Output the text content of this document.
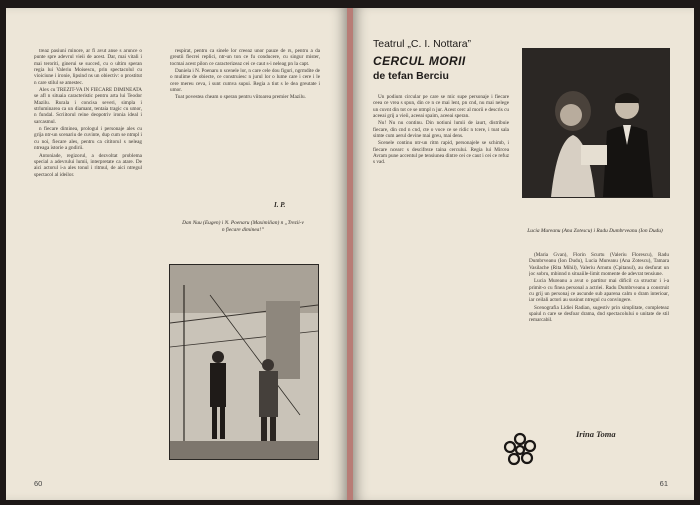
treaz pasiuni minore, ar fi avut anse s arunce o punte spre adevrul vieii de acest. Dar, mai vitali i mai teroriti, ginerui se succed, cu o ultim speran regia lui Valeriu Moisescu, prin spectacolul cu vioiciune i ironie, lipsind ns un obiectiv: o prostitut n care stilul se amestec.

Alex cu TREZIT-VA IN FIECARE DIMINEATA se afl n situaia caracteristic pentru arta lui Teodor Mazilu. Rurala i concisa severi, simpla i strluminarea ca un diamant, tentaia tragic cu umor, n fundal. Scriitorul reine deopotriv ironia ideal i sarcasmul.

n fiecare diminea, prologul i personaje ales cu grija ntr-un scenariu de cuvinte, dup cum se ntmpl i cu noi, fiecare ales, pentru ca cititorul s neleag ntreaga istorie a gndirii.

Antoniade, regizorul, a dezvoltat problema special a adevrului lumii, interpretate ca atare. De aici actorul i-a ales tonul i ritmul, de aici ntregul spectacol al ideilor.

respirat, pentru ca sinele lor creeaz unor pauze de rs, pentru a da greutii fiecrei replici, ntr-un ton ce fu conducere, cu singur mister, tocmai acest pilon ce caracterizeaz cei ce caut s-i neleag pn la capt.

Daniela i N. Poenaru n scenele lor, n care cele dou figuri, ngrmdite de o mulime de obiecte, ce construiesc n jurul lor o lume care i cere i le cere mereu ceva, i sunt cumva supui. Regia a tiut s le dea greutate i umor.

Toat povestea cheam o speran pentru viitoarea premier Mazilu.

I. P.
Dan Nuu (Eugen) i N. Poenaru (Maximilian) n „Trezii-v n fiecare diminea!”
60
Teatrul „C. I. Nottara”
CERCUL MORII
de tefan Berciu

Un podium circular pe care se mic supe personaje i fiecare ceea ce vrea s spun, din ce n ce mai lent, pn cnd, nu mai nelege un cuvnt din tot ce se ntmpl n jur. Acest cerc al morii e descris cu aceeai grij a vieii, aceeai spaim, aceeai speran.

Nu! Nu nu continu. Din notiuni lumii de iaurt, distribuie fiecare, din cnd n cnd, cte o voce ce se ridic n tcere, i toat sala simte cum aerul devine mai greu, mai dens.

Scenele continu ntr-un ritm rapid, personajele se schimb, i fiecare ncearc s descifreze taina cercului. Regia lui Mircea Avram pune accentul pe tensiunea dintre cei ce caut i cei ce refuz s vad.

Lucia Mureanu (Ana Zotescu) i Radu Dumbrveanu (Ion Dudu)

(Maria Gvan), Florin Scurtu (Valeriu Florescu), Radu Dumbrveanu (Ion Dudu), Lucia Mureanu (Ana Zotescu), Tamara Vasilache (Rita Mihil), Valeriu Arnutu (Cpitanul), au desfurat un joc sobru, mbinnd n situaiile-limit momente de adevrat tensiune.

Lucia Mureanu a avut o partitur mai dificil ca structur i i-a primit-o cu finea personal a actriei. Radu Dumbrveanu a construit cu grij un personaj ce ascunde sub aparena calm o dram interioar, iar ceilali actori au susinut ntregul cu convingere.

Scenografia Lidiei Radian, sugestiv prin simplitate, completeaz spaiul n care se desfoar drama, dnd spectacolului o unitate de stil remarcabil.

Irina Toma
61
